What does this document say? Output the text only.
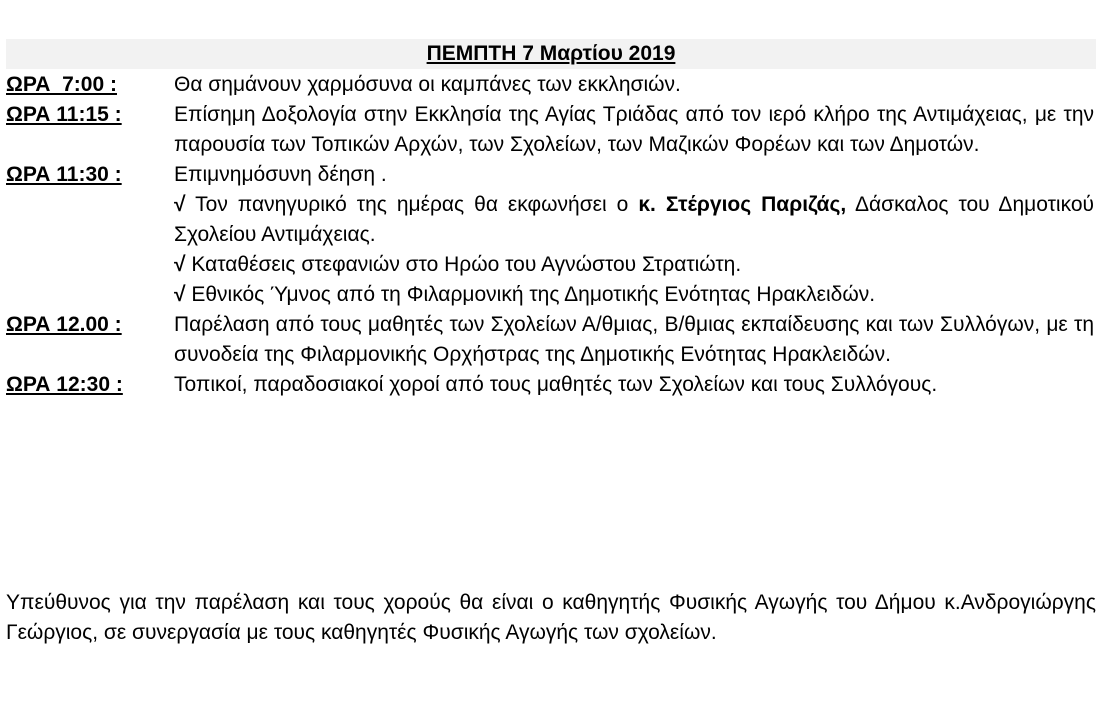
ΠΕΜΠΤΗ 7 Μαρτίου 2019
ΩΡΑ  7:00 :	Θα σημάνουν χαρμόσυνα οι καμπάνες των εκκλησιών.
ΩΡΑ 11:15 :	Επίσημη Δοξολογία στην Εκκλησία της Αγίας Τριάδας από τον ιερό κλήρο της Αντιμάχειας, με την παρουσία των Τοπικών Αρχών, των Σχολείων, των Μαζικών Φορέων και των Δημοτών.
ΩΡΑ 11:30 :	Επιμνημόσυνη δέηση .
√ Τον πανηγυρικό της ημέρας θα εκφωνήσει ο κ. Στέργιος Παριζάς, Δάσκαλος του Δημοτικού Σχολείου Αντιμάχειας.
√ Καταθέσεις στεφανιών στο Ηρώο του Αγνώστου Στρατιώτη.
√ Εθνικός Ύμνος από τη Φιλαρμονική της Δημοτικής Ενότητας Ηρακλειδών.
ΩΡΑ 12.00 :	Παρέλαση από τους μαθητές των Σχολείων Α/θμιας, Β/θμιας εκπαίδευσης και των Συλλόγων, με τη συνοδεία της Φιλαρμονικής Ορχήστρας της Δημοτικής Ενότητας Ηρακλειδών.
ΩΡΑ 12:30 :	Τοπικοί, παραδοσιακοί χοροί από τους μαθητές των Σχολείων και τους Συλλόγους.
Υπεύθυνος για την παρέλαση και τους χορούς θα είναι ο καθηγητής Φυσικής Αγωγής του Δήμου κ.Ανδρογιώργης Γεώργιος, σε συνεργασία με τους καθηγητές Φυσικής Αγωγής των σχολείων.
